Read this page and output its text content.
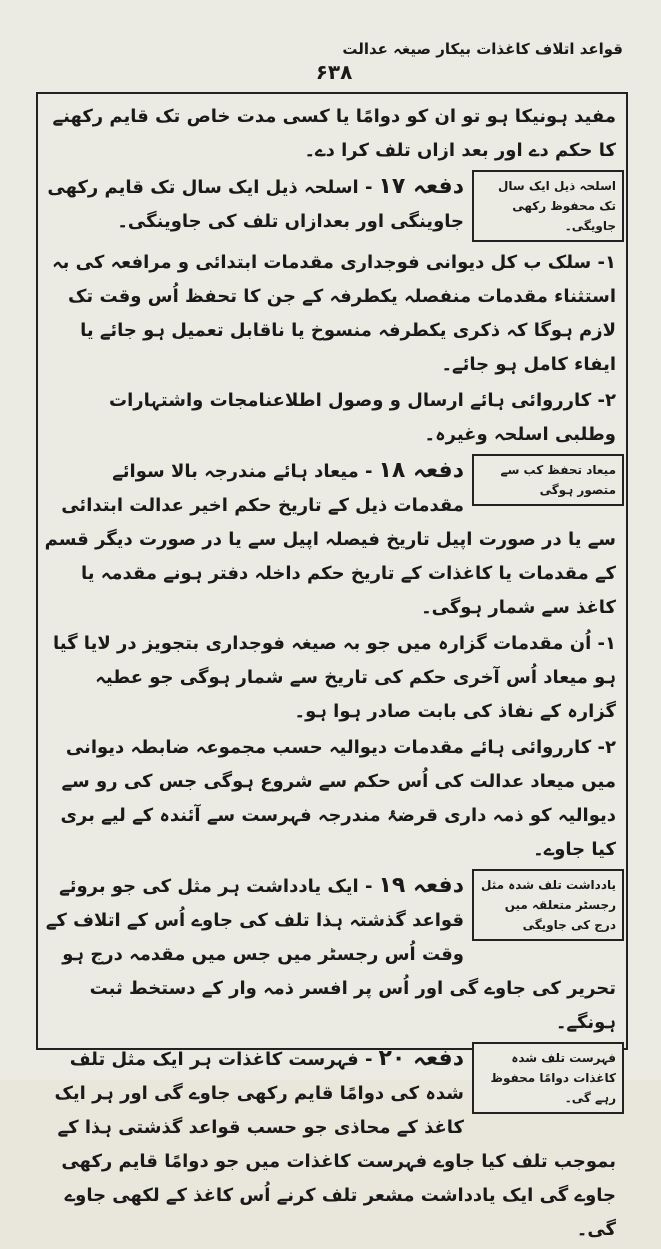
قواعد اتلاف کاغذات بیکار صیغہ عدالت
۶۳۸

مفید ہونیکا ہو تو ان کو دوامًا یا کسی مدت خاص تک قایم رکھنے کا حکم دے اور بعد ازاں تلف کرا دے۔

اسلحہ ذیل ایک سال تک محفوظ رکھی جاویگی۔

دفعہ ۱۷- اسلحہ ذیل ایک سال تک قایم رکھی جاوینگی اور بعدازاں تلف کی جاوینگی۔

۱- سلک ب کل دیوانی فوجداری مقدمات ابتدائی و مرافعہ کی بہ استثناء مقدمات منفصلہ یکطرفہ کے جن کا تحفظ اُس وقت تک لازم ہوگا کہ ذکری یکطرفہ منسوخ یا ناقابل تعمیل ہو جائے یا ایفاء کامل ہو جائے۔

۲- کارروائی ہائے ارسال و وصول اطلاعنامجات واشتہارات وطلبی اسلحہ وغیرہ۔

میعاد تحفظ کب سے متصور ہوگی

دفعہ ۱۸- میعاد ہائے مندرجہ بالا سوائے مقدمات ذیل کے تاریخ حکم اخیر عدالت ابتدائی سے یا در صورت اپیل تاریخ فیصلہ اپیل سے یا در صورت دیگر قسم کے مقدمات یا کاغذات کے تاریخ حکم داخلہ دفتر ہونے مقدمہ یا کاغذ سے شمار ہوگی۔

۱- اُن مقدمات گزارہ میں جو بہ صیغہ فوجداری بتجویز در لایا گیا ہو میعاد اُس آخری حکم کی تاریخ سے شمار ہوگی جو عطیہ گزارہ کے نفاذ کی بابت صادر ہوا ہو۔

۲- کارروائی ہائے مقدمات دیوالیہ حسب مجموعہ ضابطہ دیوانی میں میعاد عدالت کی اُس حکم سے شروع ہوگی جس کی رو سے دیوالیہ کو ذمہ داری قرضۂ مندرجہ فہرست سے آئندہ کے لیے بری کیا جاوے۔

یادداشت تلف شدہ مثل رجسٹر متعلقہ میں درج کی جاویگی

دفعہ ۱۹- ایک یادداشت ہر مثل کی جو بروئے قواعد گذشتہ ہذا تلف کی جاوے اُس کے اتلاف کے وقت اُس رجسٹر میں جس میں مقدمہ درج ہو تحریر کی جاوے گی اور اُس پر افسر ذمہ وار کے دستخط ثبت ہونگے۔

فہرست تلف شدہ کاغذات دوامًا محفوظ رہے گی۔

دفعہ ۲۰- فہرست کاغذات ہر ایک مثل تلف شدہ کی دوامًا قایم رکھی جاوے گی اور ہر ایک کاغذ کے محاذی جو حسب قواعد گذشتی ہذا کے بموجب تلف کیا جاوے فہرست کاغذات میں جو دوامًا قایم رکھی جاوے گی ایک یادداشت مشعر تلف کرنے اُس کاغذ کے لکھی جاوے گی۔
